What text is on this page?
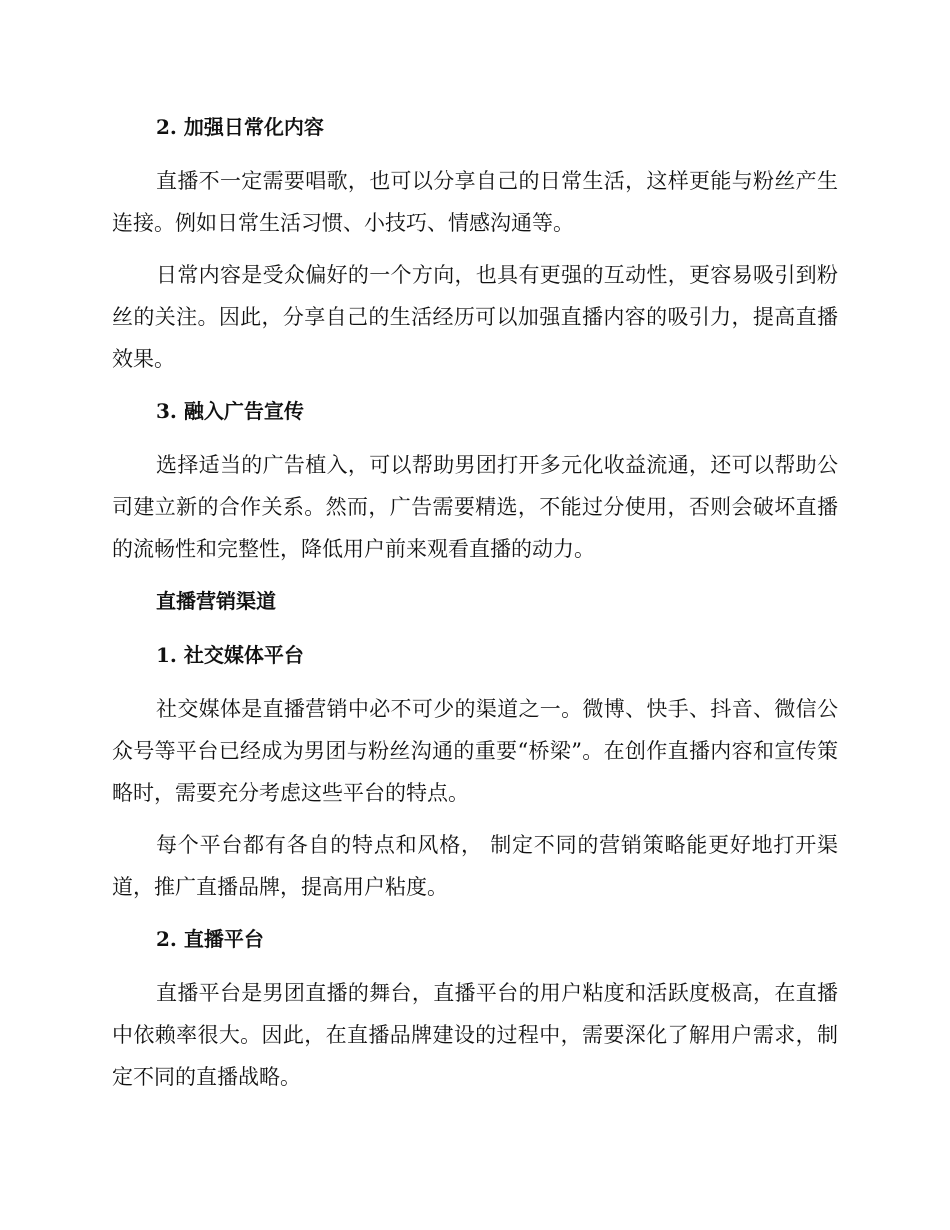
2. 加强日常化内容

直播不一定需要唱歌，也可以分享自己的日常生活，这样更能与粉丝产生连接。例如日常生活习惯、小技巧、情感沟通等。

日常内容是受众偏好的一个方向，也具有更强的互动性，更容易吸引到粉丝的关注。因此，分享自己的生活经历可以加强直播内容的吸引力，提高直播效果。

3. 融入广告宣传

选择适当的广告植入，可以帮助男团打开多元化收益流通，还可以帮助公司建立新的合作关系。然而，广告需要精选，不能过分使用，否则会破坏直播的流畅性和完整性，降低用户前来观看直播的动力。

直播营销渠道
1. 社交媒体平台

社交媒体是直播营销中必不可少的渠道之一。微博、快手、抖音、微信公众号等平台已经成为男团与粉丝沟通的重要“桥梁”。在创作直播内容和宣传策略时，需要充分考虑这些平台的特点。

每个平台都有各自的特点和风格， 制定不同的营销策略能更好地打开渠道，推广直播品牌，提高用户粘度。

2. 直播平台

直播平台是男团直播的舞台，直播平台的用户粘度和活跃度极高，在直播中依赖率很大。因此，在直播品牌建设的过程中，需要深化了解用户需求，制定不同的直播战略。
